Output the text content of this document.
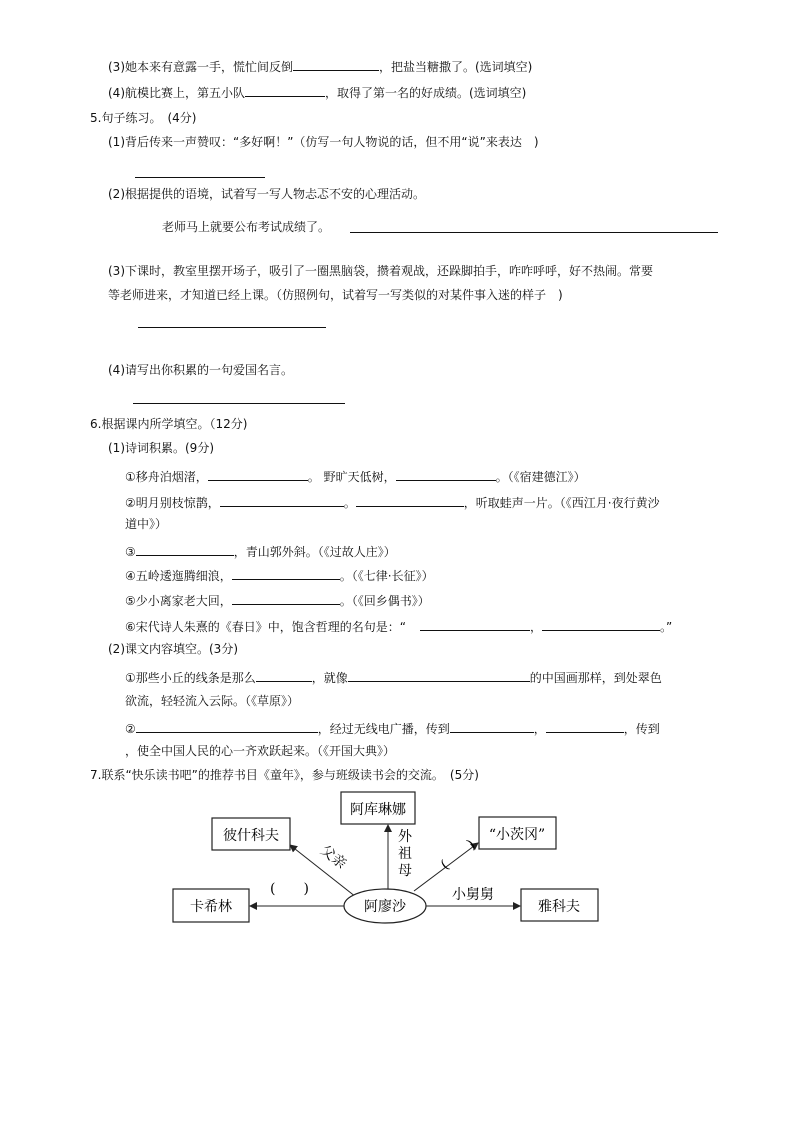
(3)她本来有意露一手，慌忙间反倒	，把盐当糖撒了。(选词填空)
(4)航模比赛上，第五小队	，取得了第一名的好成绩。(选词填空)
5.句子练习。　(4分)
(1)背后传来一声赞叹：“多好啊！”（仿写一句人物说的话，但不用“说”来表达　)
(2)根据提供的语境，试着写一写人物忐忑不安的心理活动。
老师马上就要公布考试成绩了。
(3)下课时，教室里摆开场子，吸引了一圈黑脑袋，攒着观战，还跺脚拍手，咋咋呼呼，好不热闹。常要
等老师进来，才知道已经上课。（仿照例句，试着写一写类似的对某件事入迷的样子　)
(4)请写出你积累的一句爱国名言。
6.根据课内所学填空。（12分)
(1)诗词积累。(9分)
①移舟泊烟渚，	。 野旷天低树，	。（《宿建德江》）
②明月别枝惊鹊，	。	，听取蛙声一片。（《西江月·夜行黄沙
道中》）
③	，青山郭外斜。（《过故人庄》）
④五岭逶迤腾细浪，	。（《七律·长征》）
⑤少小离家老大回，	。（《回乡偶书》）
⑥宋代诗人朱熹的《春日》中，饱含哲理的名句是：“	，	。”
(2)课文内容填空。(3分)
①那些小丘的线条是那么	，就像	的中国画那样，到处翠色
欲流，轻轻流入云际。（《草原》）
②	，经过无线电广播，传到	，	，传到
，使全中国人民的心一齐欢跃起来。（《开国大典》）
7.联系“快乐读书吧”的推荐书目《童年》，参与班级读书会的交流。　(5分)
阿库琳娜
彼什科夫
卡希林
“小茨冈”
雅科夫
阿廖沙
外祖母
父亲
(　　)
(　　)
小舅舅
